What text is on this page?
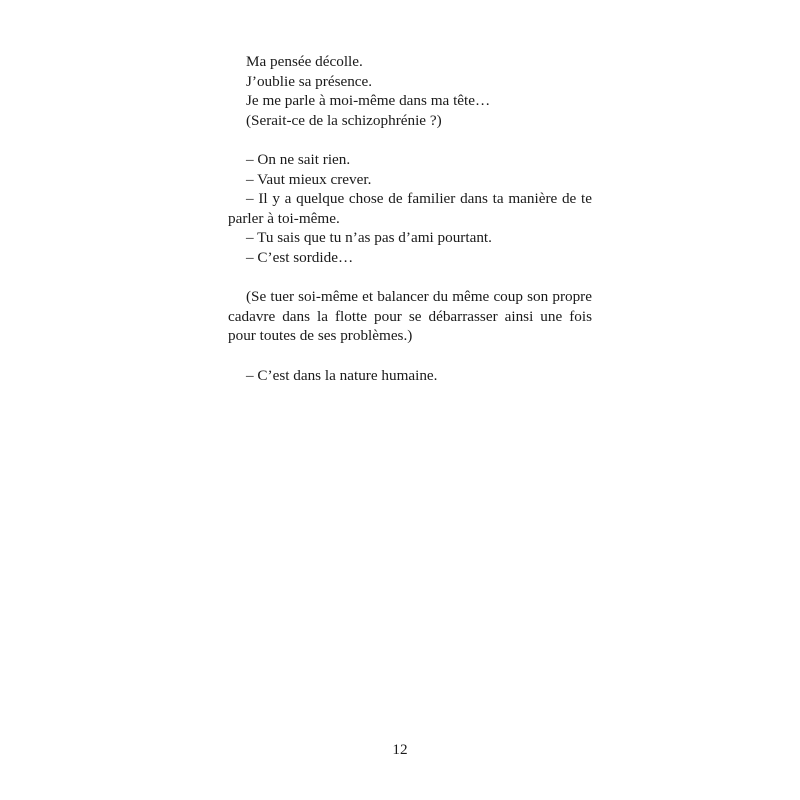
Ma pensée décolle.

J’oublie sa présence.

Je me parle à moi-même dans ma tête…

(Serait-ce de la schizophrénie ?)

– On ne sait rien.

– Vaut mieux crever.

– Il y a quelque chose de familier dans ta manière de te parler à toi-même.

– Tu sais que tu n’as pas d’ami pourtant.

– C’est sordide…

(Se tuer soi-même et balancer du même coup son propre cadavre dans la flotte pour se débarrasser ainsi une fois pour toutes de ses problèmes.)

– C’est dans la nature humaine.

12
